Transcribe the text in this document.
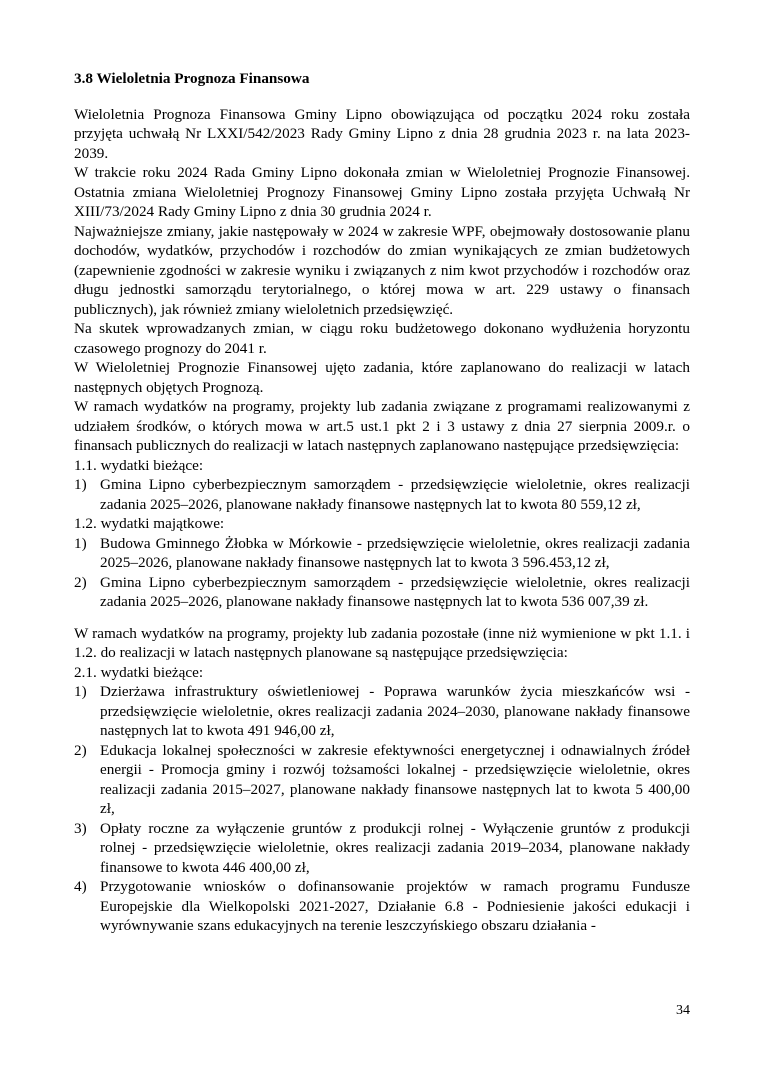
3.8 Wieloletnia Prognoza Finansowa

Wieloletnia Prognoza Finansowa Gminy Lipno obowiązująca od początku 2024 roku została przyjęta uchwałą Nr LXXI/542/2023 Rady Gminy Lipno z dnia 28 grudnia 2023 r. na lata 2023-2039.

W trakcie roku 2024 Rada Gminy Lipno dokonała zmian w Wieloletniej Prognozie Finansowej. Ostatnia zmiana Wieloletniej Prognozy Finansowej Gminy Lipno została przyjęta Uchwałą Nr XIII/73/2024 Rady Gminy Lipno z dnia 30 grudnia 2024 r.

Najważniejsze zmiany, jakie następowały w 2024 w zakresie WPF, obejmowały dostosowanie planu dochodów, wydatków, przychodów i rozchodów do zmian wynikających ze zmian budżetowych (zapewnienie zgodności w zakresie wyniku i związanych z nim kwot przychodów i rozchodów oraz długu jednostki samorządu terytorialnego, o której mowa w art. 229 ustawy o finansach publicznych), jak również zmiany wieloletnich przedsięwzięć.

Na skutek wprowadzanych zmian, w ciągu roku budżetowego dokonano wydłużenia horyzontu czasowego prognozy do 2041 r.

W Wieloletniej Prognozie Finansowej ujęto zadania, które zaplanowano do realizacji w latach następnych objętych Prognozą.

W ramach wydatków na programy, projekty lub zadania związane z programami realizowanymi z udziałem środków, o których mowa w art.5 ust.1 pkt 2 i 3 ustawy z dnia 27 sierpnia 2009.r. o finansach publicznych do realizacji w latach następnych zaplanowano następujące przedsięwzięcia:

1.1. wydatki bieżące:

1) Gmina Lipno cyberbezpiecznym samorządem - przedsięwzięcie wieloletnie, okres realizacji zadania 2025–2026, planowane nakłady finansowe następnych lat to kwota 80 559,12 zł,

1.2. wydatki majątkowe:

1) Budowa Gminnego Żłobka w Mórkowie - przedsięwzięcie wieloletnie, okres realizacji zadania 2025–2026, planowane nakłady finansowe następnych lat to kwota 3 596.453,12 zł,
2) Gmina Lipno cyberbezpiecznym samorządem - przedsięwzięcie wieloletnie, okres realizacji zadania 2025–2026, planowane nakłady finansowe następnych lat to kwota 536 007,39 zł.

W ramach wydatków na programy, projekty lub zadania pozostałe (inne niż wymienione w pkt 1.1. i 1.2. do realizacji w latach następnych planowane są następujące przedsięwzięcia:

2.1. wydatki bieżące:

1) Dzierżawa infrastruktury oświetleniowej - Poprawa warunków życia mieszkańców wsi - przedsięwzięcie wieloletnie, okres realizacji zadania 2024–2030, planowane nakłady finansowe następnych lat to kwota 491 946,00 zł,
2) Edukacja lokalnej społeczności w zakresie efektywności energetycznej i odnawialnych źródeł energii - Promocja gminy i rozwój tożsamości lokalnej - przedsięwzięcie wieloletnie, okres realizacji zadania 2015–2027, planowane nakłady finansowe następnych lat to kwota 5 400,00 zł,
3) Opłaty roczne za wyłączenie gruntów z produkcji rolnej - Wyłączenie gruntów z produkcji rolnej - przedsięwzięcie wieloletnie, okres realizacji zadania 2019–2034, planowane nakłady finansowe to kwota 446 400,00 zł,
4) Przygotowanie wniosków o dofinansowanie projektów w ramach programu Fundusze Europejskie dla Wielkopolski 2021-2027, Działanie 6.8 - Podniesienie jakości edukacji i wyrównywanie szans edukacyjnych na terenie leszczyńskiego obszaru działania -
34
